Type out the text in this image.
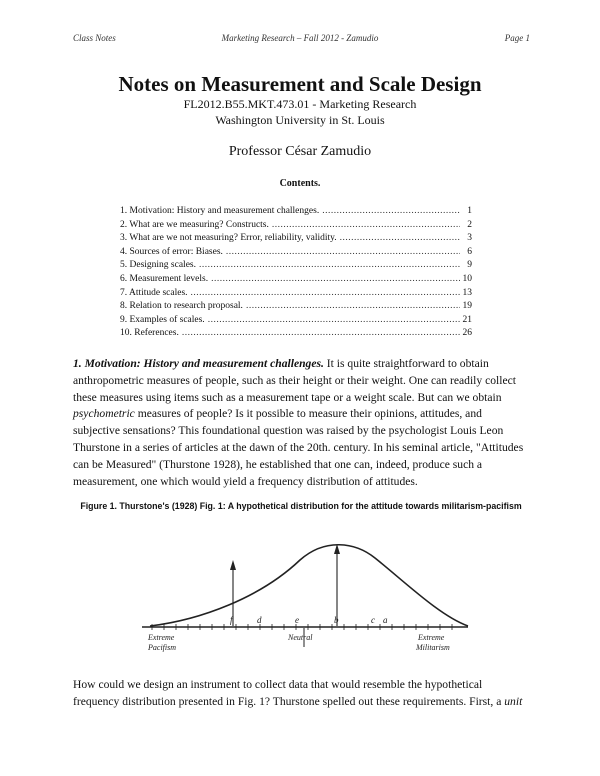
Class Notes	Marketing Research – Fall 2012 - Zamudio	Page 1
Notes on Measurement and Scale Design
FL2012.B55.MKT.473.01 - Marketing Research
Washington University in St. Louis
Professor César Zamudio
Contents.
1. Motivation: History and measurement challenges. .....	1
2. What are we measuring? Constructs. .....	2
3. What are we not measuring? Error, reliability, validity. .....	3
4. Sources of error: Biases. .....	6
5. Designing scales. .....	9
6. Measurement levels. .....	10
7. Attitude scales. .....	13
8. Relation to research proposal. .....	19
9. Examples of scales. .....	21
10. References. .....	26

1. Motivation: History and measurement challenges. It is quite straightforward to obtain anthropometric measures of people, such as their height or their weight. One can readily collect these measures using items such as a measurement tape or a weight scale. But can we obtain psychometric measures of people? Is it possible to measure their opinions, attitudes, and subjective sensations? This foundational question was raised by the psychologist Louis Leon Thurstone in a series of articles at the dawn of the 20th. century. In his seminal article, "Attitudes can be Measured" (Thurstone 1928), he established that one can, indeed, produce such a measurement, one which would yield a frequency distribution of attitudes.

Figure 1. Thurstone's (1928) Fig. 1: A hypothetical distribution for the attitude towards militarism-pacifism
f	d	e	b	c a
Extreme
Pacifism
Neutral	Extreme
Militarism

How could we design an instrument to collect data that would resemble the hypothetical frequency distribution presented in Fig. 1? Thurstone spelled out these requirements. First, a unit
